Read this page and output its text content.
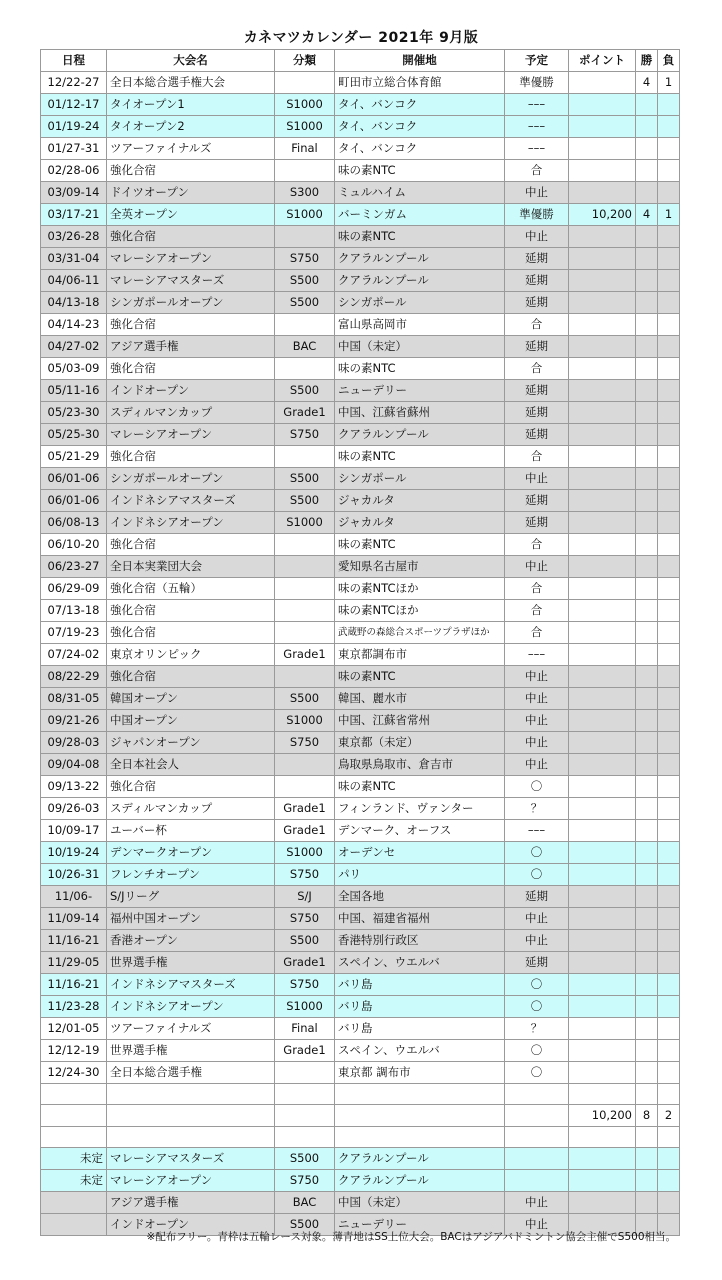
カネマツカレンダー 2021年 9月版
日程	大会名	分類	開催地	予定	ポイント	勝	負
12/22-27	全日本総合選手権大会		町田市立総合体育館	準優勝		4	1
01/12-17	タイオープン1	S1000	タイ、バンコク	–––			
01/19-24	タイオープン2	S1000	タイ、バンコク	–––			
01/27-31	ツアーファイナルズ	Final	タイ、バンコク	–––			
02/28-06	強化合宿		味の素NTC	合			
03/09-14	ドイツオープン	S300	ミュルハイム	中止			
03/17-21	全英オープン	S1000	バーミンガム	準優勝	10,200	4	1
03/26-28	強化合宿		味の素NTC	中止			
03/31-04	マレーシアオープン	S750	クアラルンプール	延期			
04/06-11	マレーシアマスターズ	S500	クアラルンプール	延期			
04/13-18	シンガポールオープン	S500	シンガポール	延期			
04/14-23	強化合宿		富山県高岡市	合			
04/27-02	アジア選手権	BAC	中国（未定）	延期			
05/03-09	強化合宿		味の素NTC	合			
05/11-16	インドオープン	S500	ニューデリー	延期			
05/23-30	スディルマンカップ	Grade1	中国、江蘇省蘇州	延期			
05/25-30	マレーシアオープン	S750	クアラルンプール	延期			
05/21-29	強化合宿		味の素NTC	合			
06/01-06	シンガポールオープン	S500	シンガポール	中止			
06/01-06	インドネシアマスターズ	S500	ジャカルタ	延期			
06/08-13	インドネシアオープン	S1000	ジャカルタ	延期			
06/10-20	強化合宿		味の素NTC	合			
06/23-27	全日本実業団大会		愛知県名古屋市	中止			
06/29-09	強化合宿（五輪）		味の素NTCほか	合			
07/13-18	強化合宿		味の素NTCほか	合			
07/19-23	強化合宿		武蔵野の森総合スポーツプラザほか	合			
07/24-02	東京オリンピック	Grade1	東京都調布市	–––			
08/22-29	強化合宿		味の素NTC	中止			
08/31-05	韓国オープン	S500	韓国、麗水市	中止			
09/21-26	中国オープン	S1000	中国、江蘇省常州	中止			
09/28-03	ジャパンオープン	S750	東京都（未定）	中止			
09/04-08	全日本社会人		鳥取県鳥取市、倉吉市	中止			
09/13-22	強化合宿		味の素NTC	〇			
09/26-03	スディルマンカップ	Grade1	フィンランド、ヴァンター	？			
10/09-17	ユーバー杯	Grade1	デンマーク、オーフス	–––			
10/19-24	デンマークオープン	S1000	オーデンセ	〇			
10/26-31	フレンチオープン	S750	パリ	〇			
11/06-	S/Jリーグ	S/J	全国各地	延期			
11/09-14	福州中国オープン	S750	中国、福建省福州	中止			
11/16-21	香港オープン	S500	香港特別行政区	中止			
11/29-05	世界選手権	Grade1	スペイン、ウエルバ	延期			
11/16-21	インドネシアマスターズ	S750	バリ島	〇			
11/23-28	インドネシアオープン	S1000	バリ島	〇			
12/01-05	ツアーファイナルズ	Final	バリ島	？			
12/12-19	世界選手権	Grade1	スペイン、ウエルバ	〇			
12/24-30	全日本総合選手権		東京都 調布市	〇			

					10,200	8	2

未定	マレーシアマスターズ	S500	クアラルンプール				
未定	マレーシアオープン	S750	クアラルンプール				
	アジア選手権	BAC	中国（未定）	中止			
	インドオープン	S500	ニューデリー	中止			
※配布フリー。青枠は五輪レース対象。薄青地はSS上位大会。BACはアジアバドミントン協会主催でS500相当。
